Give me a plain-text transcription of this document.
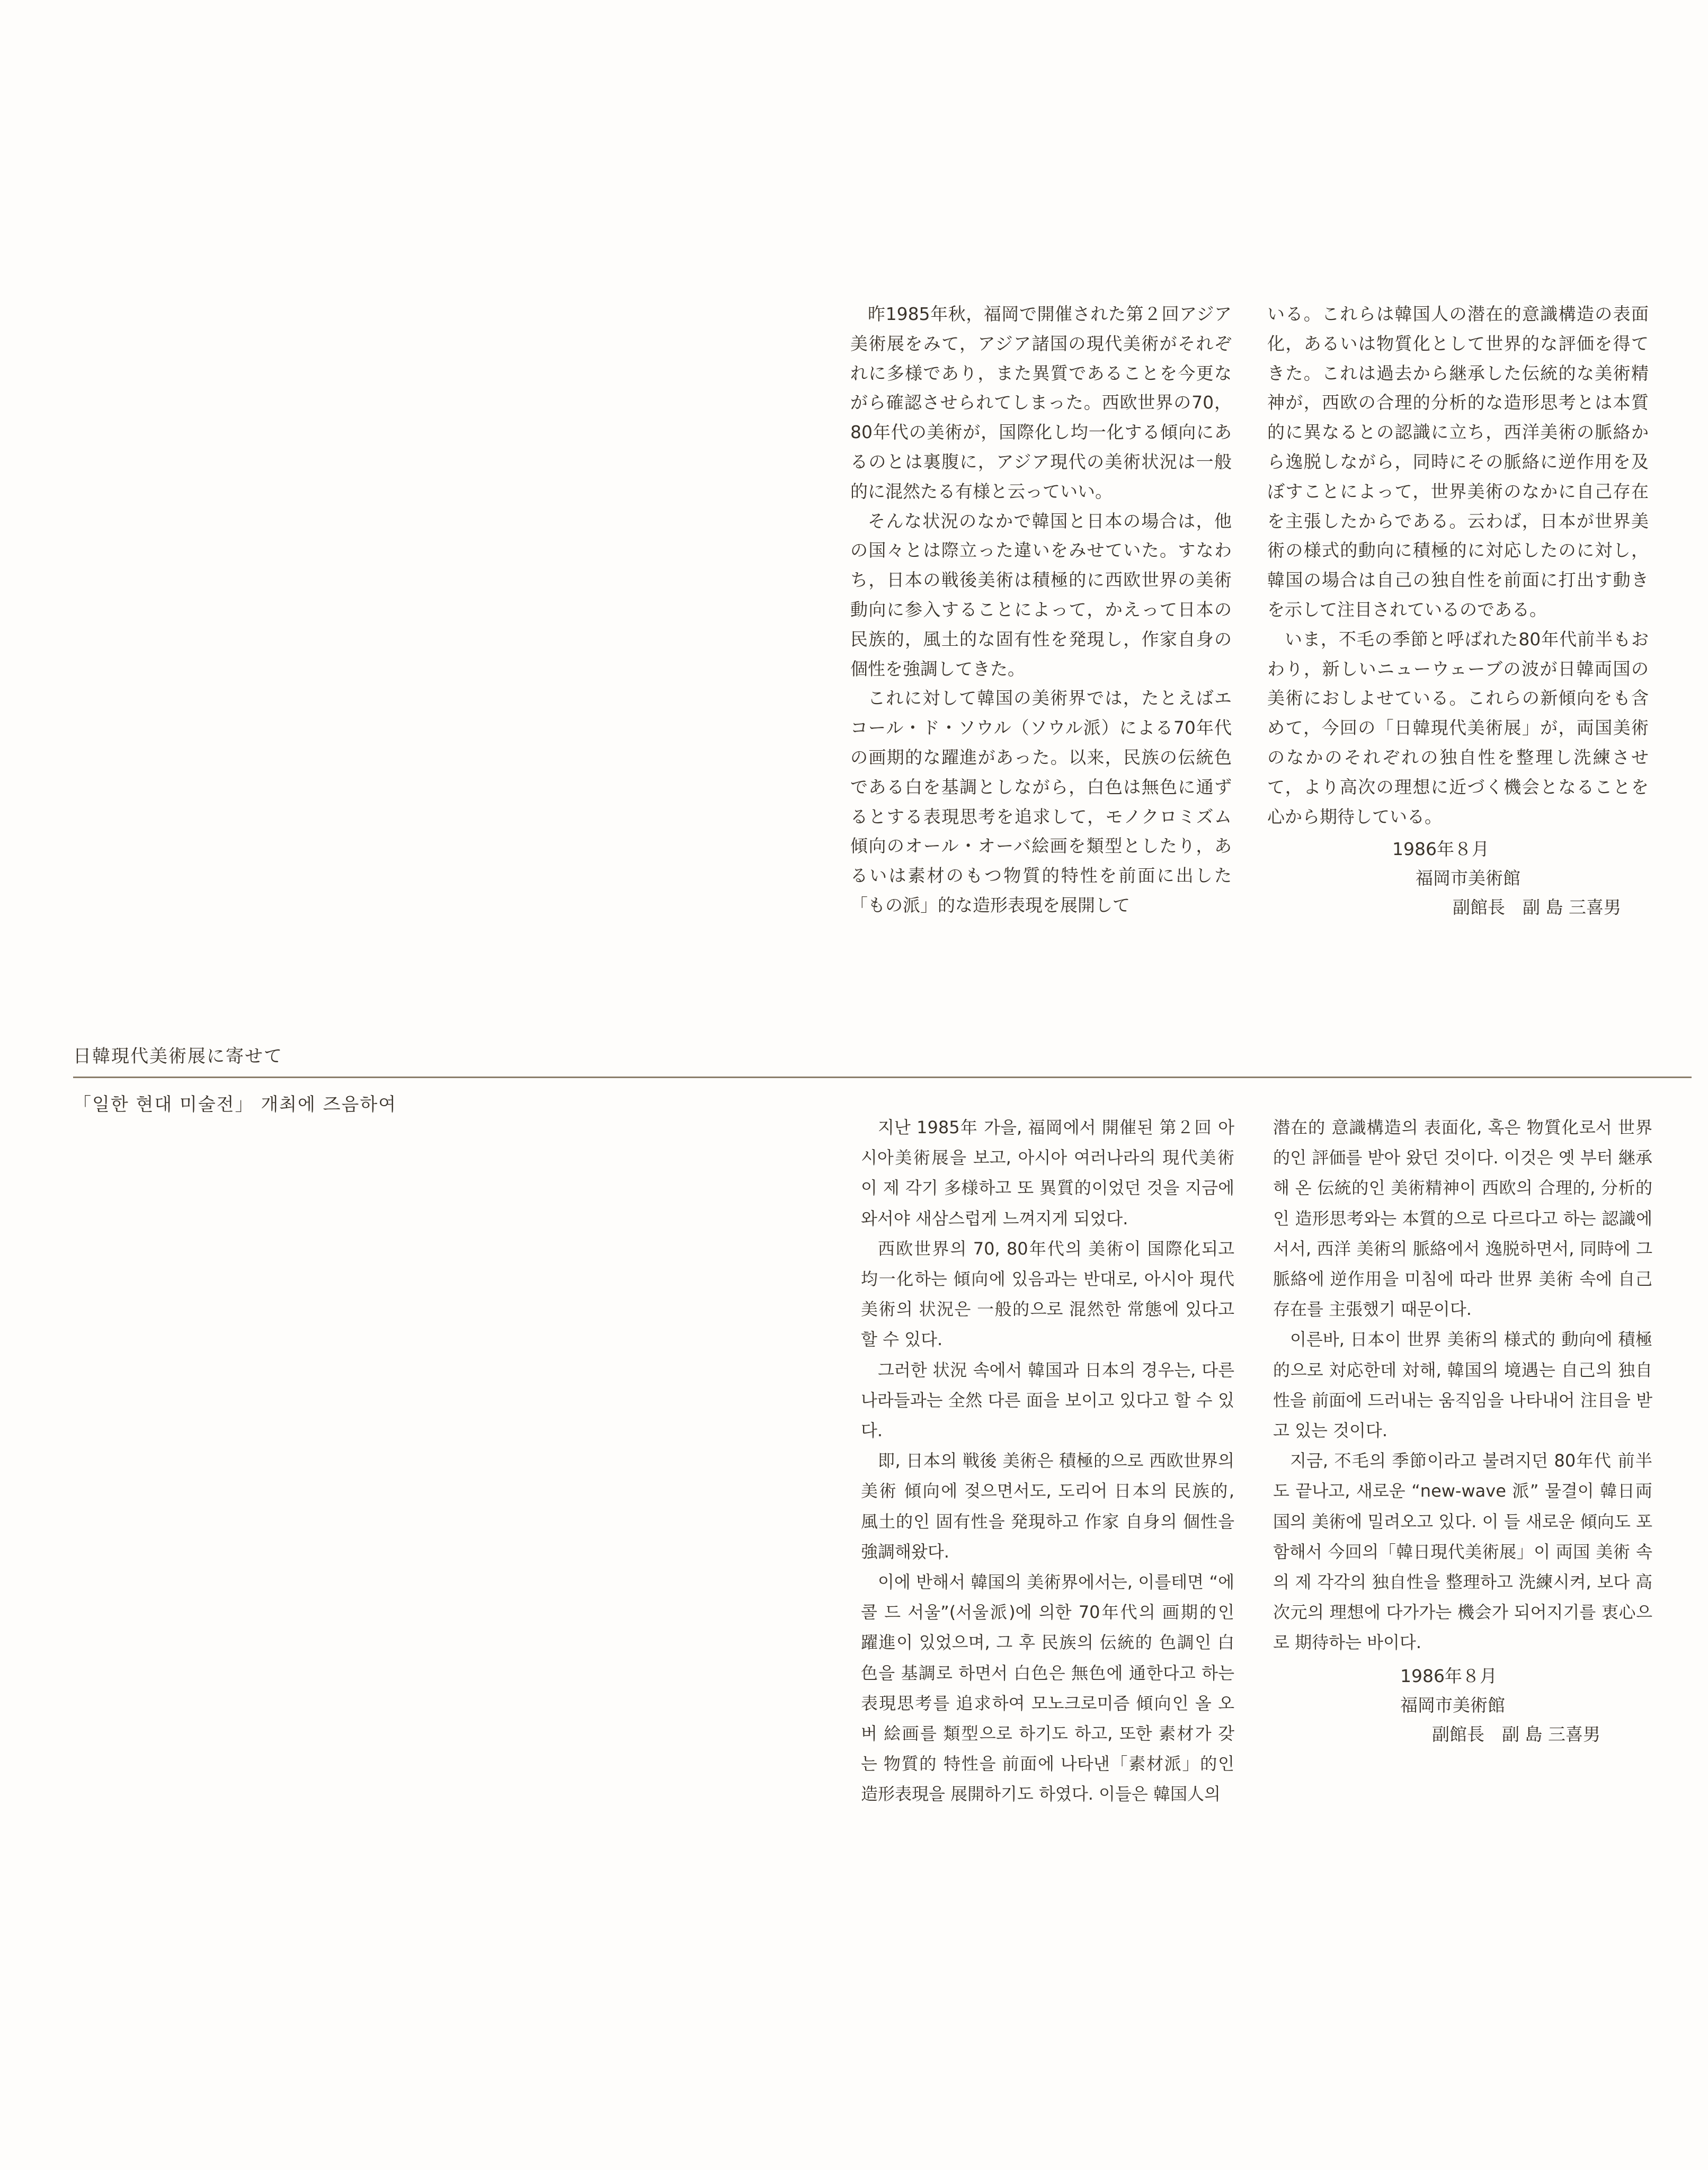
昨1985年秋，福岡で開催された第２回アジア美術展をみて，アジア諸国の現代美術がそれぞれに多様であり，また異質であることを今更ながら確認させられてしまった。西欧世界の70，80年代の美術が，国際化し均一化する傾向にあるのとは裏腹に，アジア現代の美術状況は一般的に混然たる有様と云っていい。

そんな状況のなかで韓国と日本の場合は，他の国々とは際立った違いをみせていた。すなわち，日本の戦後美術は積極的に西欧世界の美術動向に参入することによって，かえって日本の民族的，風土的な固有性を発現し，作家自身の個性を強調してきた。

これに対して韓国の美術界では，たとえばエコール・ド・ソウル（ソウル派）による70年代の画期的な躍進があった。以来，民族の伝統色である白を基調としながら，白色は無色に通ずるとする表現思考を追求して，モノクロミズム傾向のオール・オーバ絵画を類型としたり，あるいは素材のもつ物質的特性を前面に出した「もの派」的な造形表現を展開して

いる。これらは韓国人の潜在的意識構造の表面化，あるいは物質化として世界的な評価を得てきた。これは過去から継承した伝統的な美術精神が，西欧の合理的分析的な造形思考とは本質的に異なるとの認識に立ち，西洋美術の脈絡から逸脱しながら，同時にその脈絡に逆作用を及ぼすことによって，世界美術のなかに自己存在を主張したからである。云わば，日本が世界美術の様式的動向に積極的に対応したのに対し，韓国の場合は自己の独自性を前面に打出す動きを示して注目されているのである。

いま，不毛の季節と呼ばれた80年代前半もおわり，新しいニューウェーブの波が日韓両国の美術におしよせている。これらの新傾向をも含めて，今回の「日韓現代美術展」が，両国美術のなかのそれぞれの独自性を整理し洗練させて，より高次の理想に近づく機会となることを心から期待している。

1986年８月
福岡市美術館
副館長　副 島 三喜男
日韓現代美術展に寄せて
「일한 현대 미술전」 개최에 즈음하여

지난 1985年 가을, 福岡에서 開催된 第２回 아시아美術展을 보고, 아시아 여러나라의 現代美術이 제 각기 多様하고 또 異質的이었던 것을 지금에 와서야 새삼스럽게 느껴지게 되었다.

西欧世界의 70, 80年代의 美術이 国際化되고 均一化하는 傾向에 있음과는 반대로, 아시아 現代美術의 状況은 一般的으로 混然한 常態에 있다고 할 수 있다.

그러한 状況 속에서 韓国과 日本의 경우는, 다른 나라들과는 全然 다른 面을 보이고 있다고 할 수 있다.

即, 日本의 戦後 美術은 積極的으로 西欧世界의 美術 傾向에 젖으면서도, 도리어 日本의 民族的, 風土的인 固有性을 発現하고 作家 自身의 個性을 強調해왔다.

이에 반해서 韓国의 美術界에서는, 이를테면 “에콜 드 서울”(서울派)에 의한 70年代의 画期的인 躍進이 있었으며, 그 후 民族의 伝統的 色調인 白色을 基調로 하면서 白色은 無色에 通한다고 하는 表現思考를 追求하여 모노크로미즘 傾向인 올 오버 絵画를 類型으로 하기도 하고, 또한 素材가 갖는 物質的 特性을 前面에 나타낸「素材派」的인 造形表現을 展開하기도 하였다. 이들은 韓国人의

潜在的 意識構造의 表面化, 혹은 物質化로서 世界的인 評価를 받아 왔던 것이다. 이것은 옛 부터 継承해 온 伝統的인 美術精神이 西欧의 合理的, 分析的인 造形思考와는 本質的으로 다르다고 하는 認識에 서서, 西洋 美術의 脈絡에서 逸脱하면서, 同時에 그 脈絡에 逆作用을 미침에 따라 世界 美術 속에 自己 存在를 主張했기 때문이다.

이른바, 日本이 世界 美術의 様式的 動向에 積極的으로 対応한데 対해, 韓国의 境遇는 自己의 独自性을 前面에 드러내는 움직임을 나타내어 注目을 받고 있는 것이다.

지금, 不毛의 季節이라고 불려지던 80年代 前半도 끝나고, 새로운 “new-wave 派” 물결이 韓日両国의 美術에 밀려오고 있다. 이 들 새로운 傾向도 포함해서 今回의「韓日現代美術展」이 両国 美術 속의 제 각각의 独自性을 整理하고 洗練시켜, 보다 高次元의 理想에 다가가는 機会가 되어지기를 衷心으로 期待하는 바이다.

1986年８月
福岡市美術館
副館長　副 島 三喜男
